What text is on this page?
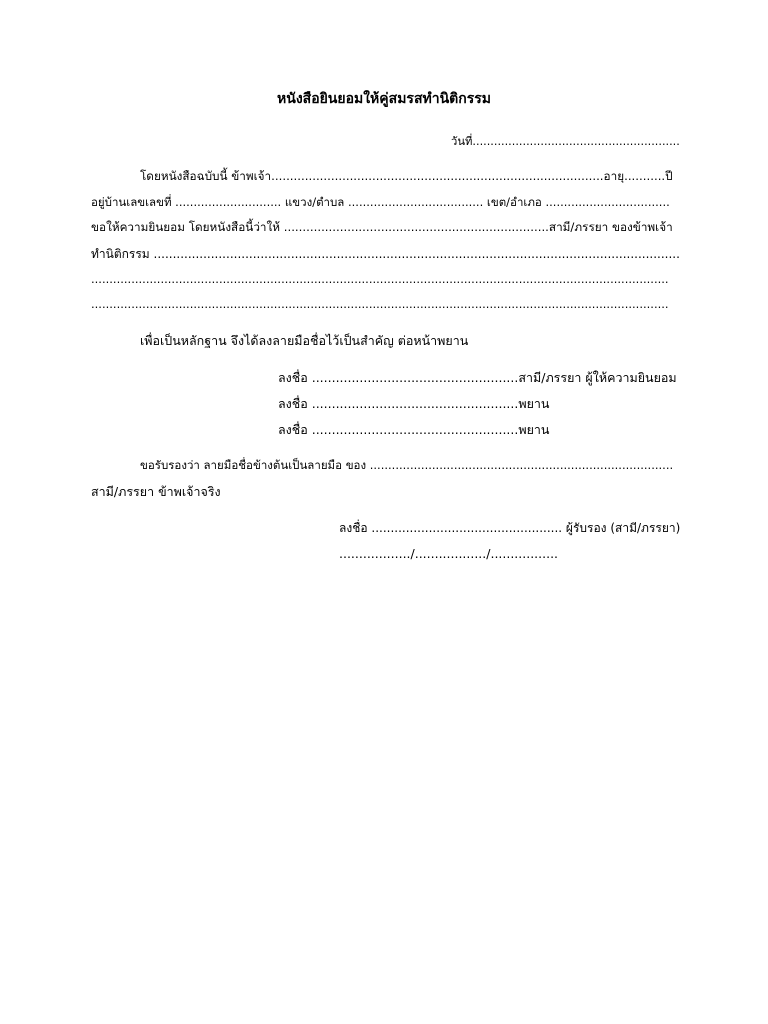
หนังสือยินยอมให้คู่สมรสทำนิติกรรม
วันที่..........................................................
โดยหนังสือฉบับนี้ ข้าพเจ้า.........................................................................................อายุ...........ปี
อยู่บ้านเลขเลขที่ ............................. แขวง/ตำบล ..................................... เขต/อำเภอ ..................................
ขอให้ความยินยอม โดยหนังสือนี้ว่าให้ .......................................................................สามี/ภรรยา ของข้าพเจ้า
ทำนิติกรรม ..........................................................................................................................................
..............................................................................................................................................................
..............................................................................................................................................................
เพื่อเป็นหลักฐาน จึงได้ลงลายมือชื่อไว้เป็นสำคัญ ต่อหน้าพยาน
ลงชื่อ ....................................................สามี/ภรรยา ผู้ให้ความยินยอม
ลงชื่อ ....................................................พยาน
ลงชื่อ ....................................................พยาน
ขอรับรองว่า ลายมือชื่อข้างต้นเป็นลายมือ ของ ...................................................................................
สามี/ภรรยา ข้าพเจ้าจริง
ลงชื่อ .................................................. ผู้รับรอง (สามี/ภรรยา)
................../................../.................
